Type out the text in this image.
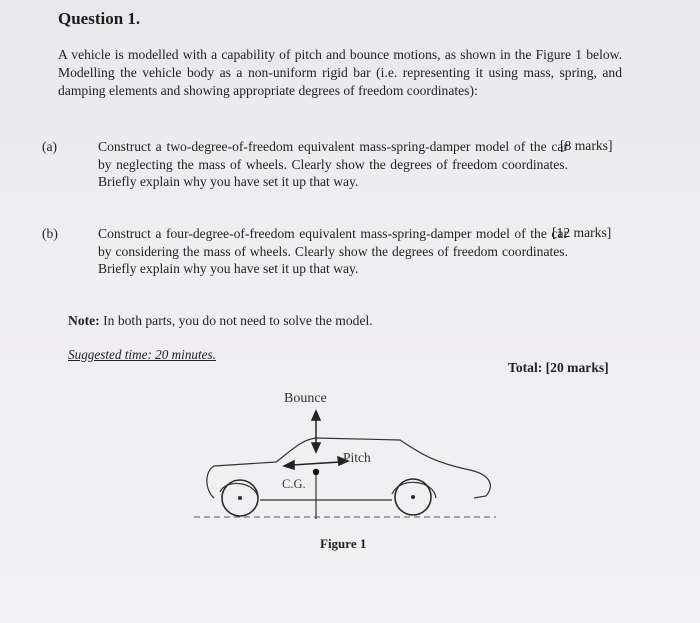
Question 1.
A vehicle is modelled with a capability of pitch and bounce motions, as shown in the Figure 1 below. Modelling the vehicle body as a non-uniform rigid bar (i.e. representing it using mass, spring, and damping elements and showing appropriate degrees of freedom coordinates):
(a)	Construct a two-degree-of-freedom equivalent mass-spring-damper model of the car by neglecting the mass of wheels. Clearly show the degrees of freedom coordinates. Briefly explain why you have set it up that way.
[8 marks]
(b)	Construct a four-degree-of-freedom equivalent mass-spring-damper model of the car by considering the mass of wheels. Clearly show the degrees of freedom coordinates. Briefly explain why you have set it up that way.
[12 marks]
Note: In both parts, you do not need to solve the model.
Suggested time: 20 minutes.
Total: [20 marks]
Bounce
Pitch
C.G.
Figure 1
